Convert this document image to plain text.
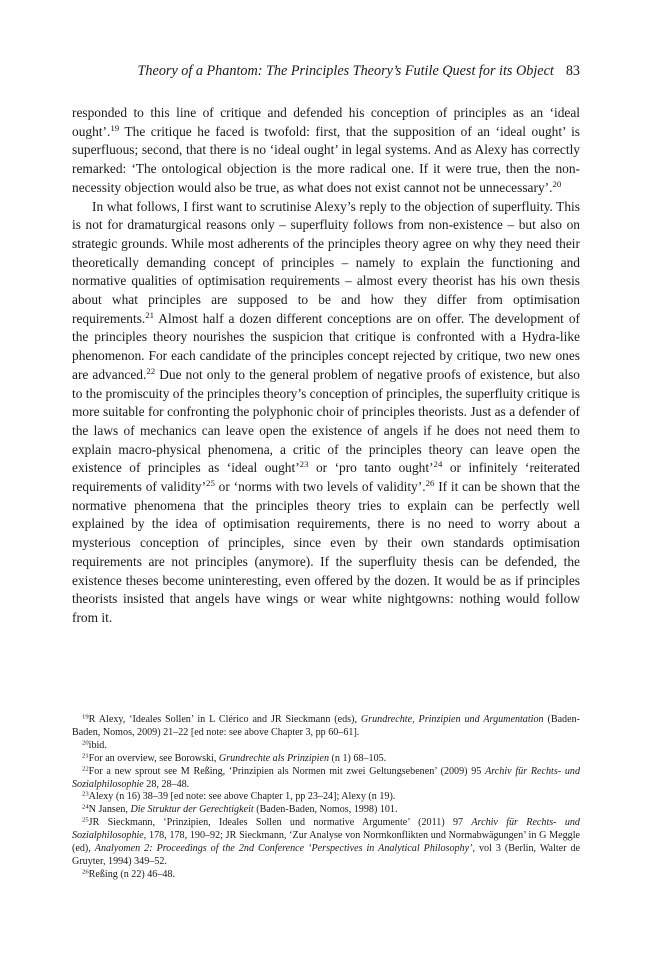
Theory of a Phantom: The Principles Theory’s Futile Quest for its Object 83

responded to this line of critique and defended his conception of principles as an ‘ideal ought’.$^{19}$ The critique he faced is twofold: first, that the supposition of an ‘ideal ought’ is superfluous; second, that there is no ‘ideal ought’ in legal systems. And as Alexy has correctly remarked: ‘The ontological objection is the more radical one. If it were true, then the non-necessity objection would also be true, as what does not exist cannot not be unnecessary’.$^{20}$

In what follows, I first want to scrutinise Alexy’s reply to the objection of superfluity. This is not for dramaturgical reasons only – superfluity follows from non-existence – but also on strategic grounds. While most adherents of the principles theory agree on why they need their theoretically demanding concept of principles – namely to explain the functioning and normative qualities of optimisation requirements – almost every theorist has his own thesis about what principles are supposed to be and how they differ from optimisation requirements.$^{21}$ Almost half a dozen different conceptions are on offer. The development of the principles theory nourishes the suspicion that critique is confronted with a Hydra-like phenomenon. For each candidate of the principles concept rejected by critique, two new ones are advanced.$^{22}$ Due not only to the general problem of negative proofs of existence, but also to the promiscuity of the principles theory’s conception of principles, the superfluity critique is more suitable for confronting the polyphonic choir of principles theorists. Just as a defender of the laws of mechanics can leave open the existence of angels if he does not need them to explain macro-physical phenomena, a critic of the principles theory can leave open the existence of principles as ‘ideal ought’$^{23}$ or ‘pro tanto ought’$^{24}$ or infinitely ‘reiterated requirements of validity’$^{25}$ or ‘norms with two levels of validity’.$^{26}$ If it can be shown that the normative phenomena that the principles theory tries to explain can be perfectly well explained by the idea of optimisation requirements, there is no need to worry about a mysterious conception of principles, since even by their own standards optimisation requirements are not principles (anymore). If the superfluity thesis can be defended, the existence theses become uninteresting, even offered by the dozen. It would be as if principles theorists insisted that angels have wings or wear white nightgowns: nothing would follow from it.

$^{19}$R Alexy, ‘Ideales Sollen’ in L Clérico and JR Sieckmann (eds), Grundrechte, Prinzipien und Argumentation (Baden-Baden, Nomos, 2009) 21–22 [ed note: see above Chapter 3, pp 60–61].

$^{20}$ibid.

$^{21}$For an overview, see Borowski, Grundrechte als Prinzipien (n 1) 68–105.

$^{22}$For a new sprout see M Reßing, ‘Prinzipien als Normen mit zwei Geltungsebenen’ (2009) 95 Archiv für Rechts- und Sozialphilosophie 28, 28–48.

$^{23}$Alexy (n 16) 38–39 [ed note: see above Chapter 1, pp 23–24]; Alexy (n 19).

$^{24}$N Jansen, Die Struktur der Gerechtigkeit (Baden-Baden, Nomos, 1998) 101.

$^{25}$JR Sieckmann, ‘Prinzipien, Ideales Sollen und normative Argumente’ (2011) 97 Archiv für Rechts- und Sozialphilosophie, 178, 178, 190–92; JR Sieckmann, ‘Zur Analyse von Normkonflikten und Normabwägungen’ in G Meggle (ed), Analyomen 2: Proceedings of the 2nd Conference ‘Perspectives in Analytical Philosophy’, vol 3 (Berlin, Walter de Gruyter, 1994) 349–52.

$^{26}$Reßing (n 22) 46–48.
